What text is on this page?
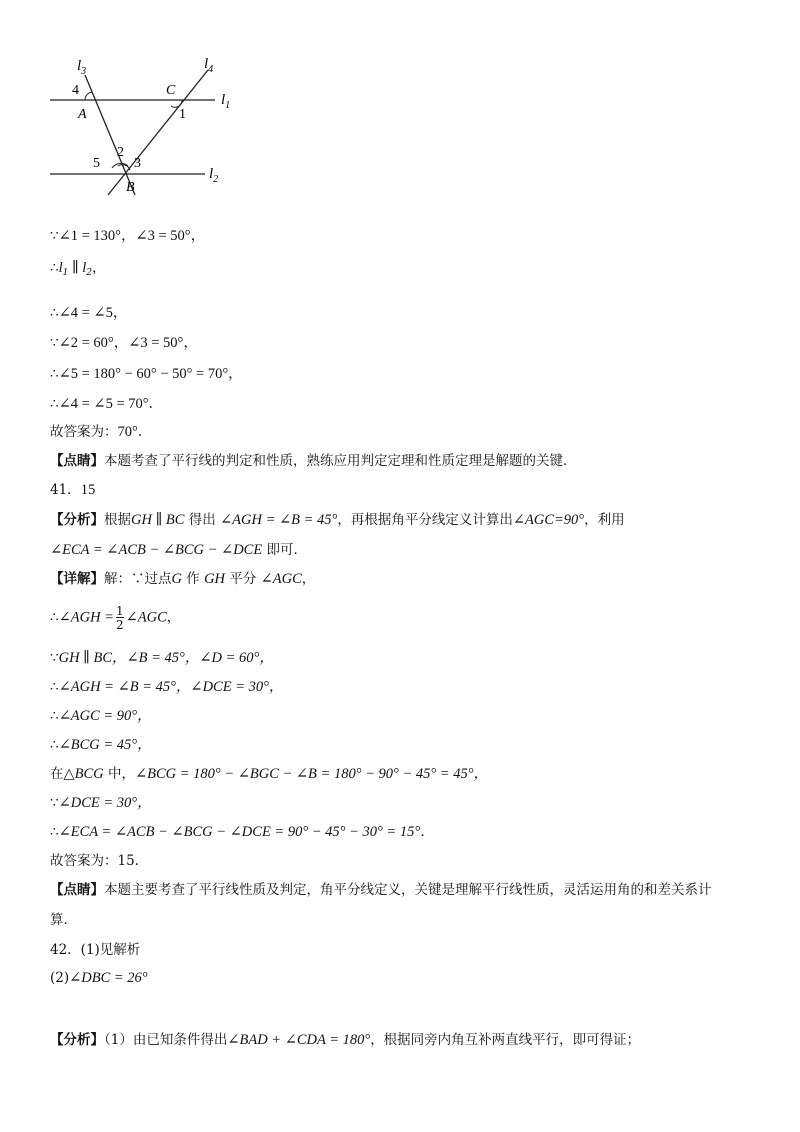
$l_3$	$l_4$
$l_1$
$l_2$
4
A
C
1
2
5 3
B
∵∠1 = 130°，∠3 = 50°，
$\therefore l_1$ ∥ $l_2$，
∴∠4 = ∠5，
∵∠2 = 60°，∠3 = 50°，
∴∠5 = 180° − 60° − 50° = 70°，
∴∠4 = ∠5 = 70°．
故答案为：70°．
【点睛】本题考查了平行线的判定和性质，熟练应用判定定理和性质定理是解题的关键．
41．15
【分析】根据GH ∥ BC 得出 ∠AGH = ∠B = 45°，再根据角平分线定义计算出∠AGC=90°，利用
∠ECA = ∠ACB − ∠BCG − ∠DCE 即可．
【详解】解：∵过点G 作 GH 平分 ∠AGC，
∴∠AGH = $\frac{1}{2}$ ∠AGC，
∵GH ∥ BC，∠B = 45°，∠D = 60°，
∴∠AGH = ∠B = 45°，∠DCE = 30°，
∴∠AGC = 90°，
∴∠BCG = 45°，
在△BCG 中，∠BCG = 180° − ∠BGC − ∠B = 180° − 90° − 45° = 45°，
∵∠DCE = 30°，
∴∠ECA = ∠ACB − ∠BCG − ∠DCE = 90° − 45° − 30° = 15°．
故答案为：15.
【点睛】本题主要考查了平行线性质及判定，角平分线定义，关键是理解平行线性质，灵活运用角的和差关系计
算．
42．(1)见解析
(2)∠DBC = 26°
【分析】（1）由已知条件得出∠BAD + ∠CDA = 180°，根据同旁内角互补两直线平行，即可得证；
